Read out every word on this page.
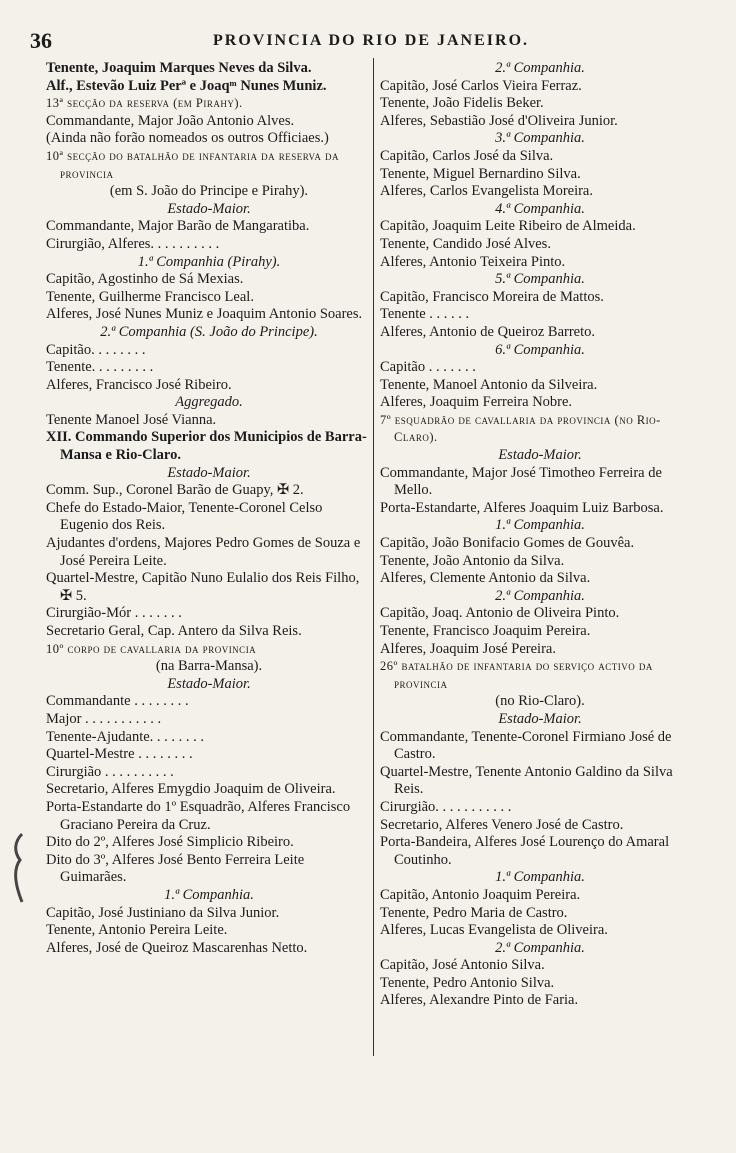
36	PROVINCIA DO RIO DE JANEIRO.

Tenente, Joaquim Marques Neves da Silva.

Alf., Estevão Luiz Perª e Joaqᵐ Nunes Muniz.

13ª secção da reserva (em Pirahy).

Commandante, Major João Antonio Alves.

(Ainda não forão nomeados os outros Officiaes.)

10ª secção do batalhão de infantaria da reserva da provincia

(em S. João do Principe e Pirahy).

Estado-Maior.

Commandante, Major Barão de Mangaratiba.

Cirurgião, Alferes. . . . . . . . . .

1.ª Companhia (Pirahy).

Capitão, Agostinho de Sá Mexias.

Tenente, Guilherme Francisco Leal.

Alferes, José Nunes Muniz e Joaquim Antonio Soares.

2.ª Companhia (S. João do Principe).

Capitão. . . . . . . .

Tenente. . . . . . . . .

Alferes, Francisco José Ribeiro.

Aggregado.

Tenente Manoel José Vianna.

XII. Commando Superior dos Municipios de Barra-Mansa e Rio-Claro.

Estado-Maior.

Comm. Sup., Coronel Barão de Guapy, ✠ 2.

Chefe do Estado-Maior, Tenente-Coronel Celso Eugenio dos Reis.

Ajudantes d'ordens, Majores Pedro Gomes de Souza e José Pereira Leite.

Quartel-Mestre, Capitão Nuno Eulalio dos Reis Filho, ✠ 5.

Cirurgião-Mór . . . . . . .

Secretario Geral, Cap. Antero da Silva Reis.

10º corpo de cavallaria da provincia

(na Barra-Mansa).

Estado-Maior.

Commandante . . . . . . . .

Major . . . . . . . . . . .

Tenente-Ajudante. . . . . . . .

Quartel-Mestre . . . . . . . .

Cirurgião . . . . . . . . . .

Secretario, Alferes Emygdio Joaquim de Oliveira.

Porta-Estandarte do 1º Esquadrão, Alferes Francisco Graciano Pereira da Cruz.

Dito do 2º, Alferes José Simplicio Ribeiro.

Dito do 3º, Alferes José Bento Ferreira Leite Guimarães.

1.ª Companhia.

Capitão, José Justiniano da Silva Junior.

Tenente, Antonio Pereira Leite.

Alferes, José de Queiroz Mascarenhas Netto.

2.ª Companhia.

Capitão, José Carlos Vieira Ferraz.

Tenente, João Fidelis Beker.

Alferes, Sebastião José d'Oliveira Junior.

3.ª Companhia.

Capitão, Carlos José da Silva.

Tenente, Miguel Bernardino Silva.

Alferes, Carlos Evangelista Moreira.

4.ª Companhia.

Capitão, Joaquim Leite Ribeiro de Almeida.

Tenente, Candido José Alves.

Alferes, Antonio Teixeira Pinto.

5.ª Companhia.

Capitão, Francisco Moreira de Mattos.

Tenente . . . . . .

Alferes, Antonio de Queiroz Barreto.

6.ª Companhia.

Capitão . . . . . . .

Tenente, Manoel Antonio da Silveira.

Alferes, Joaquim Ferreira Nobre.

7º esquadrão de cavallaria da provincia (no Rio-Claro).

Estado-Maior.

Commandante, Major José Timotheo Ferreira de Mello.

Porta-Estandarte, Alferes Joaquim Luiz Barbosa.

1.ª Companhia.

Capitão, João Bonifacio Gomes de Gouvêa.

Tenente, João Antonio da Silva.

Alferes, Clemente Antonio da Silva.

2.ª Companhia.

Capitão, Joaq. Antonio de Oliveira Pinto.

Tenente, Francisco Joaquim Pereira.

Alferes, Joaquim José Pereira.

26º batalhão de infantaria do serviço activo da provincia

(no Rio-Claro).

Estado-Maior.

Commandante, Tenente-Coronel Firmiano José de Castro.

Quartel-Mestre, Tenente Antonio Galdino da Silva Reis.

Cirurgião. . . . . . . . . . .

Secretario, Alferes Venero José de Castro.

Porta-Bandeira, Alferes José Lourenço do Amaral Coutinho.

1.ª Companhia.

Capitão, Antonio Joaquim Pereira.

Tenente, Pedro Maria de Castro.

Alferes, Lucas Evangelista de Oliveira.

2.ª Companhia.

Capitão, José Antonio Silva.

Tenente, Pedro Antonio Silva.

Alferes, Alexandre Pinto de Faria.
